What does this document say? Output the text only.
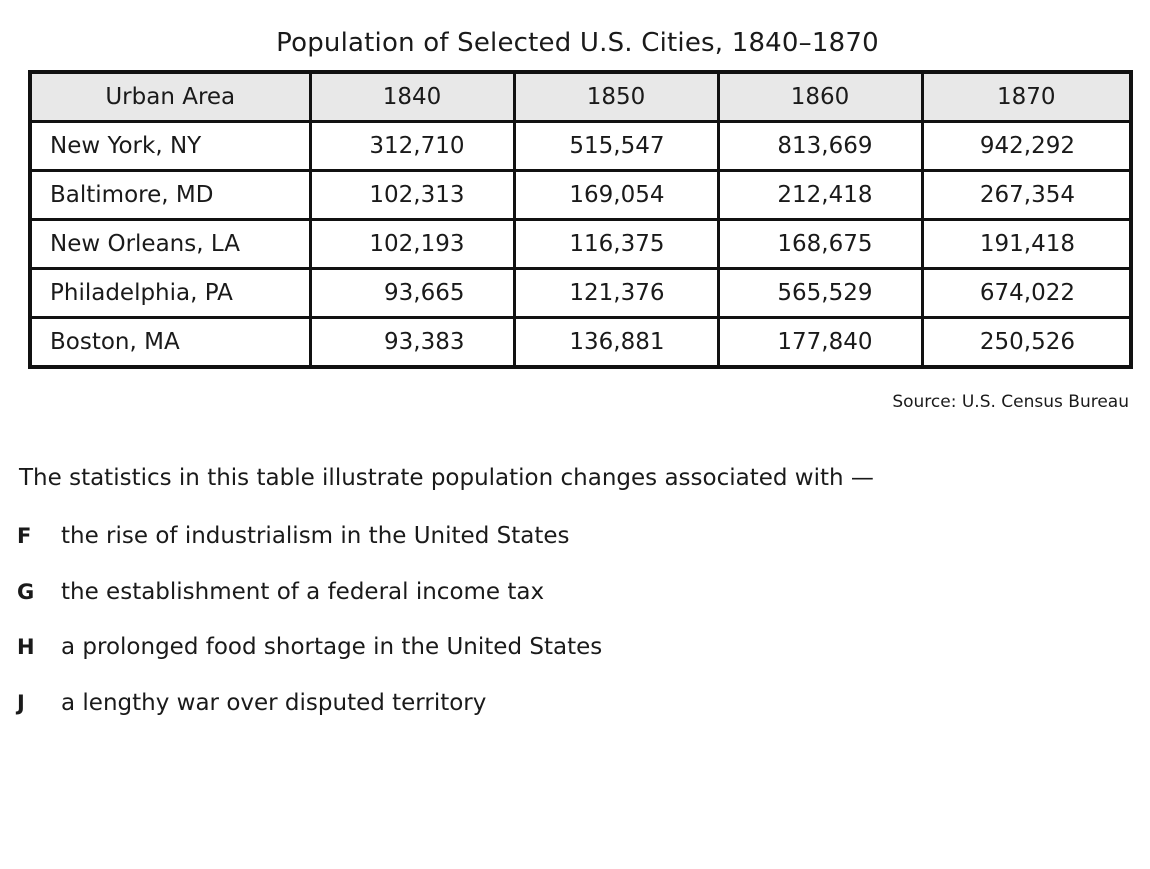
Population of Selected U.S. Cities, 1840–1870
Urban Area	1840	1850	1860	1870
New York, NY	312,710	515,547	813,669	942,292
Baltimore, MD	102,313	169,054	212,418	267,354
New Orleans, LA	102,193	116,375	168,675	191,418
Philadelphia, PA	93,665	121,376	565,529	674,022
Boston, MA	93,383	136,881	177,840	250,526
Source: U.S. Census Bureau
The statistics in this table illustrate population changes associated with —
F	the rise of industrialism in the United States
G	the establishment of a federal income tax
H	a prolonged food shortage in the United States
J	a lengthy war over disputed territory
